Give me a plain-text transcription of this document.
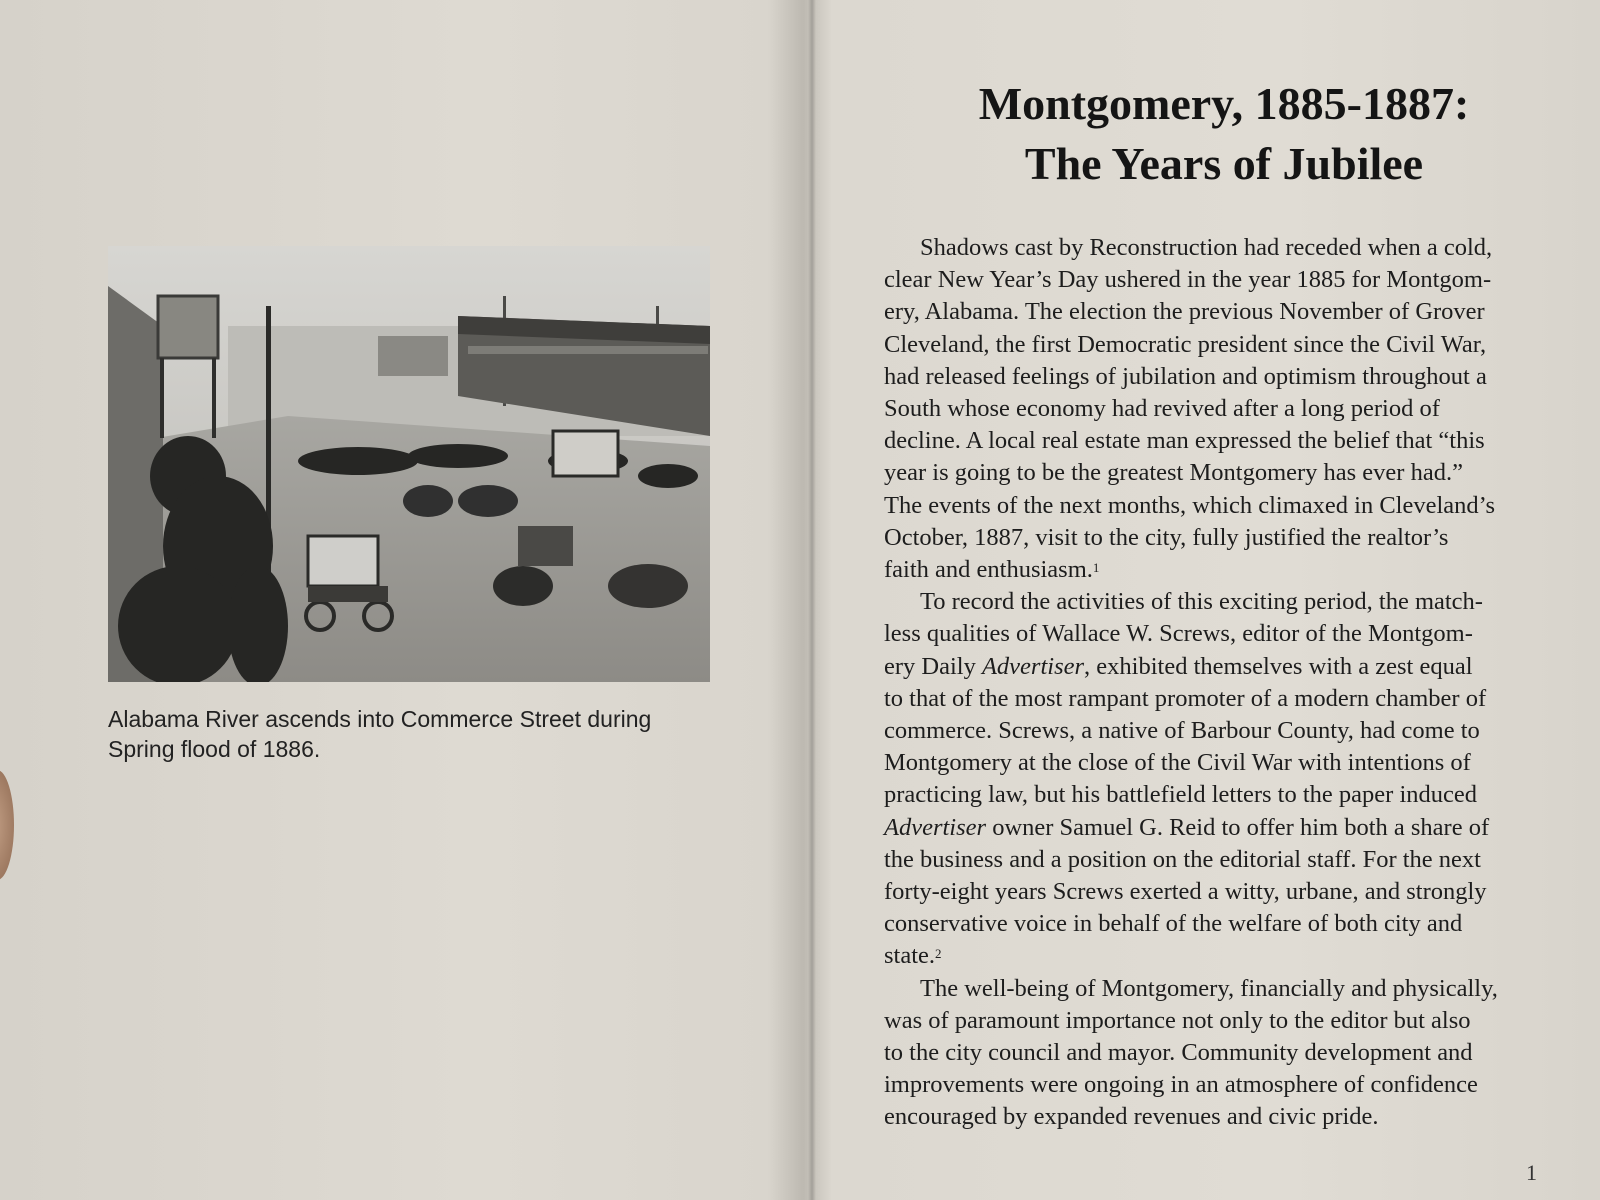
Alabama River ascends into Commerce Street during
Spring flood of 1886.
Montgomery, 1885-1887:
The Years of Jubilee
Shadows cast by Reconstruction had receded when a cold,
clear New Year’s Day ushered in the year 1885 for Montgom-
ery, Alabama. The election the previous November of Grover
Cleveland, the first Democratic president since the Civil War,
had released feelings of jubilation and optimism throughout a
South whose economy had revived after a long period of
decline. A local real estate man expressed the belief that “this
year is going to be the greatest Montgomery has ever had.”
The events of the next months, which climaxed in Cleveland’s
October, 1887, visit to the city, fully justified the realtor’s
faith and enthusiasm.$^1$
To record the activities of this exciting period, the match-
less qualities of Wallace W. Screws, editor of the Montgom-
ery Daily Advertiser, exhibited themselves with a zest equal
to that of the most rampant promoter of a modern chamber of
commerce. Screws, a native of Barbour County, had come to
Montgomery at the close of the Civil War with intentions of
practicing law, but his battlefield letters to the paper induced
Advertiser owner Samuel G. Reid to offer him both a share of
the business and a position on the editorial staff. For the next
forty-eight years Screws exerted a witty, urbane, and strongly
conservative voice in behalf of the welfare of both city and
state.$^2$
The well-being of Montgomery, financially and physically,
was of paramount importance not only to the editor but also
to the city council and mayor. Community development and
improvements were ongoing in an atmosphere of confidence
encouraged by expanded revenues and civic pride.
1
